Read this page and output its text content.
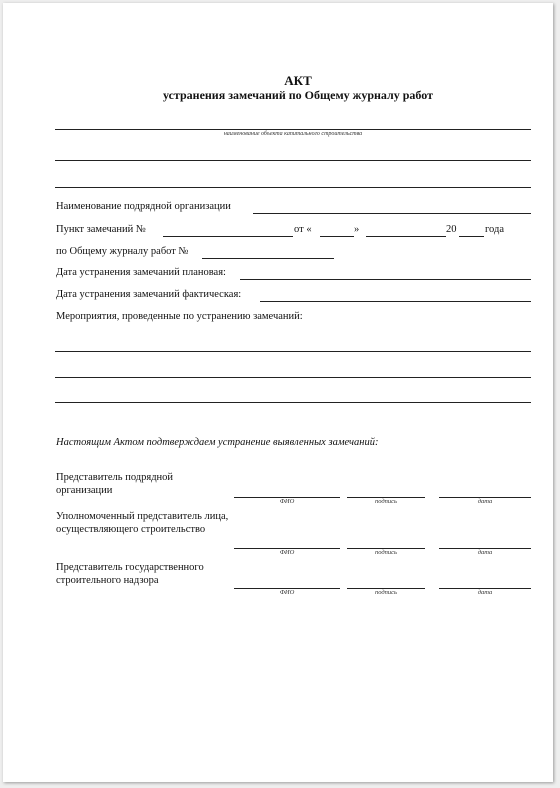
АКТ
устранения замечаний по Общему журналу работ
наименование объекта капитального строительства
Наименование подрядной организации
Пункт замечаний №	от «	»	20	года
по Общему журналу работ №
Дата устранения замечаний плановая:
Дата устранения замечаний фактическая:
Мероприятия, проведенные по устранению замечаний:
Настоящим Актом подтверждаем устранение выявленных замечаний:
Представитель подрядной организации
ФИО	подпись	дата
Уполномоченный представитель лица, осуществляющего строительство
ФИО	подпись	дата
Представитель государственного строительного надзора
ФИО	подпись	дата
